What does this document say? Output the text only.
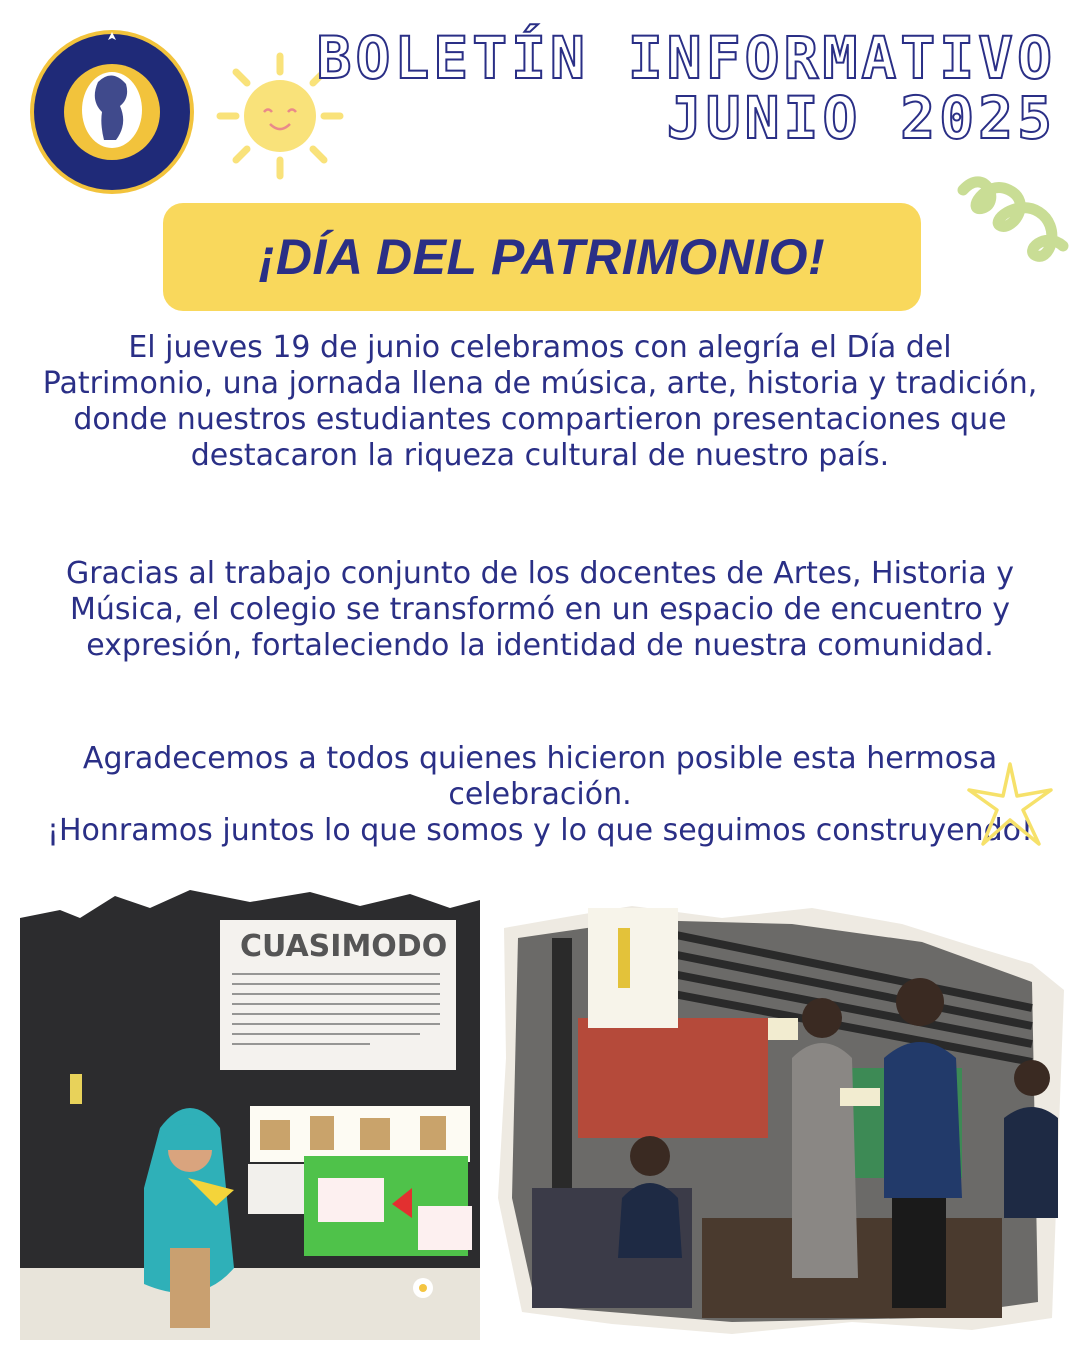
Colegio San Lucas	BOLETÍN INFORMATIVO
JUNIO 2025
¡DÍA DEL PATRIMONIO!
El jueves 19 de junio celebramos con alegría el Día del Patrimonio, una jornada llena de música, arte, historia y tradición, donde nuestros estudiantes compartieron presentaciones que destacaron la riqueza cultural de nuestro país.
Gracias al trabajo conjunto de los docentes de Artes, Historia y Música, el colegio se transformó en un espacio de encuentro y expresión, fortaleciendo la identidad de nuestra comunidad.
Agradecemos a todos quienes hicieron posible esta hermosa celebración.
¡Honramos juntos lo que somos y lo que seguimos construyendo!
CUASIMODO
